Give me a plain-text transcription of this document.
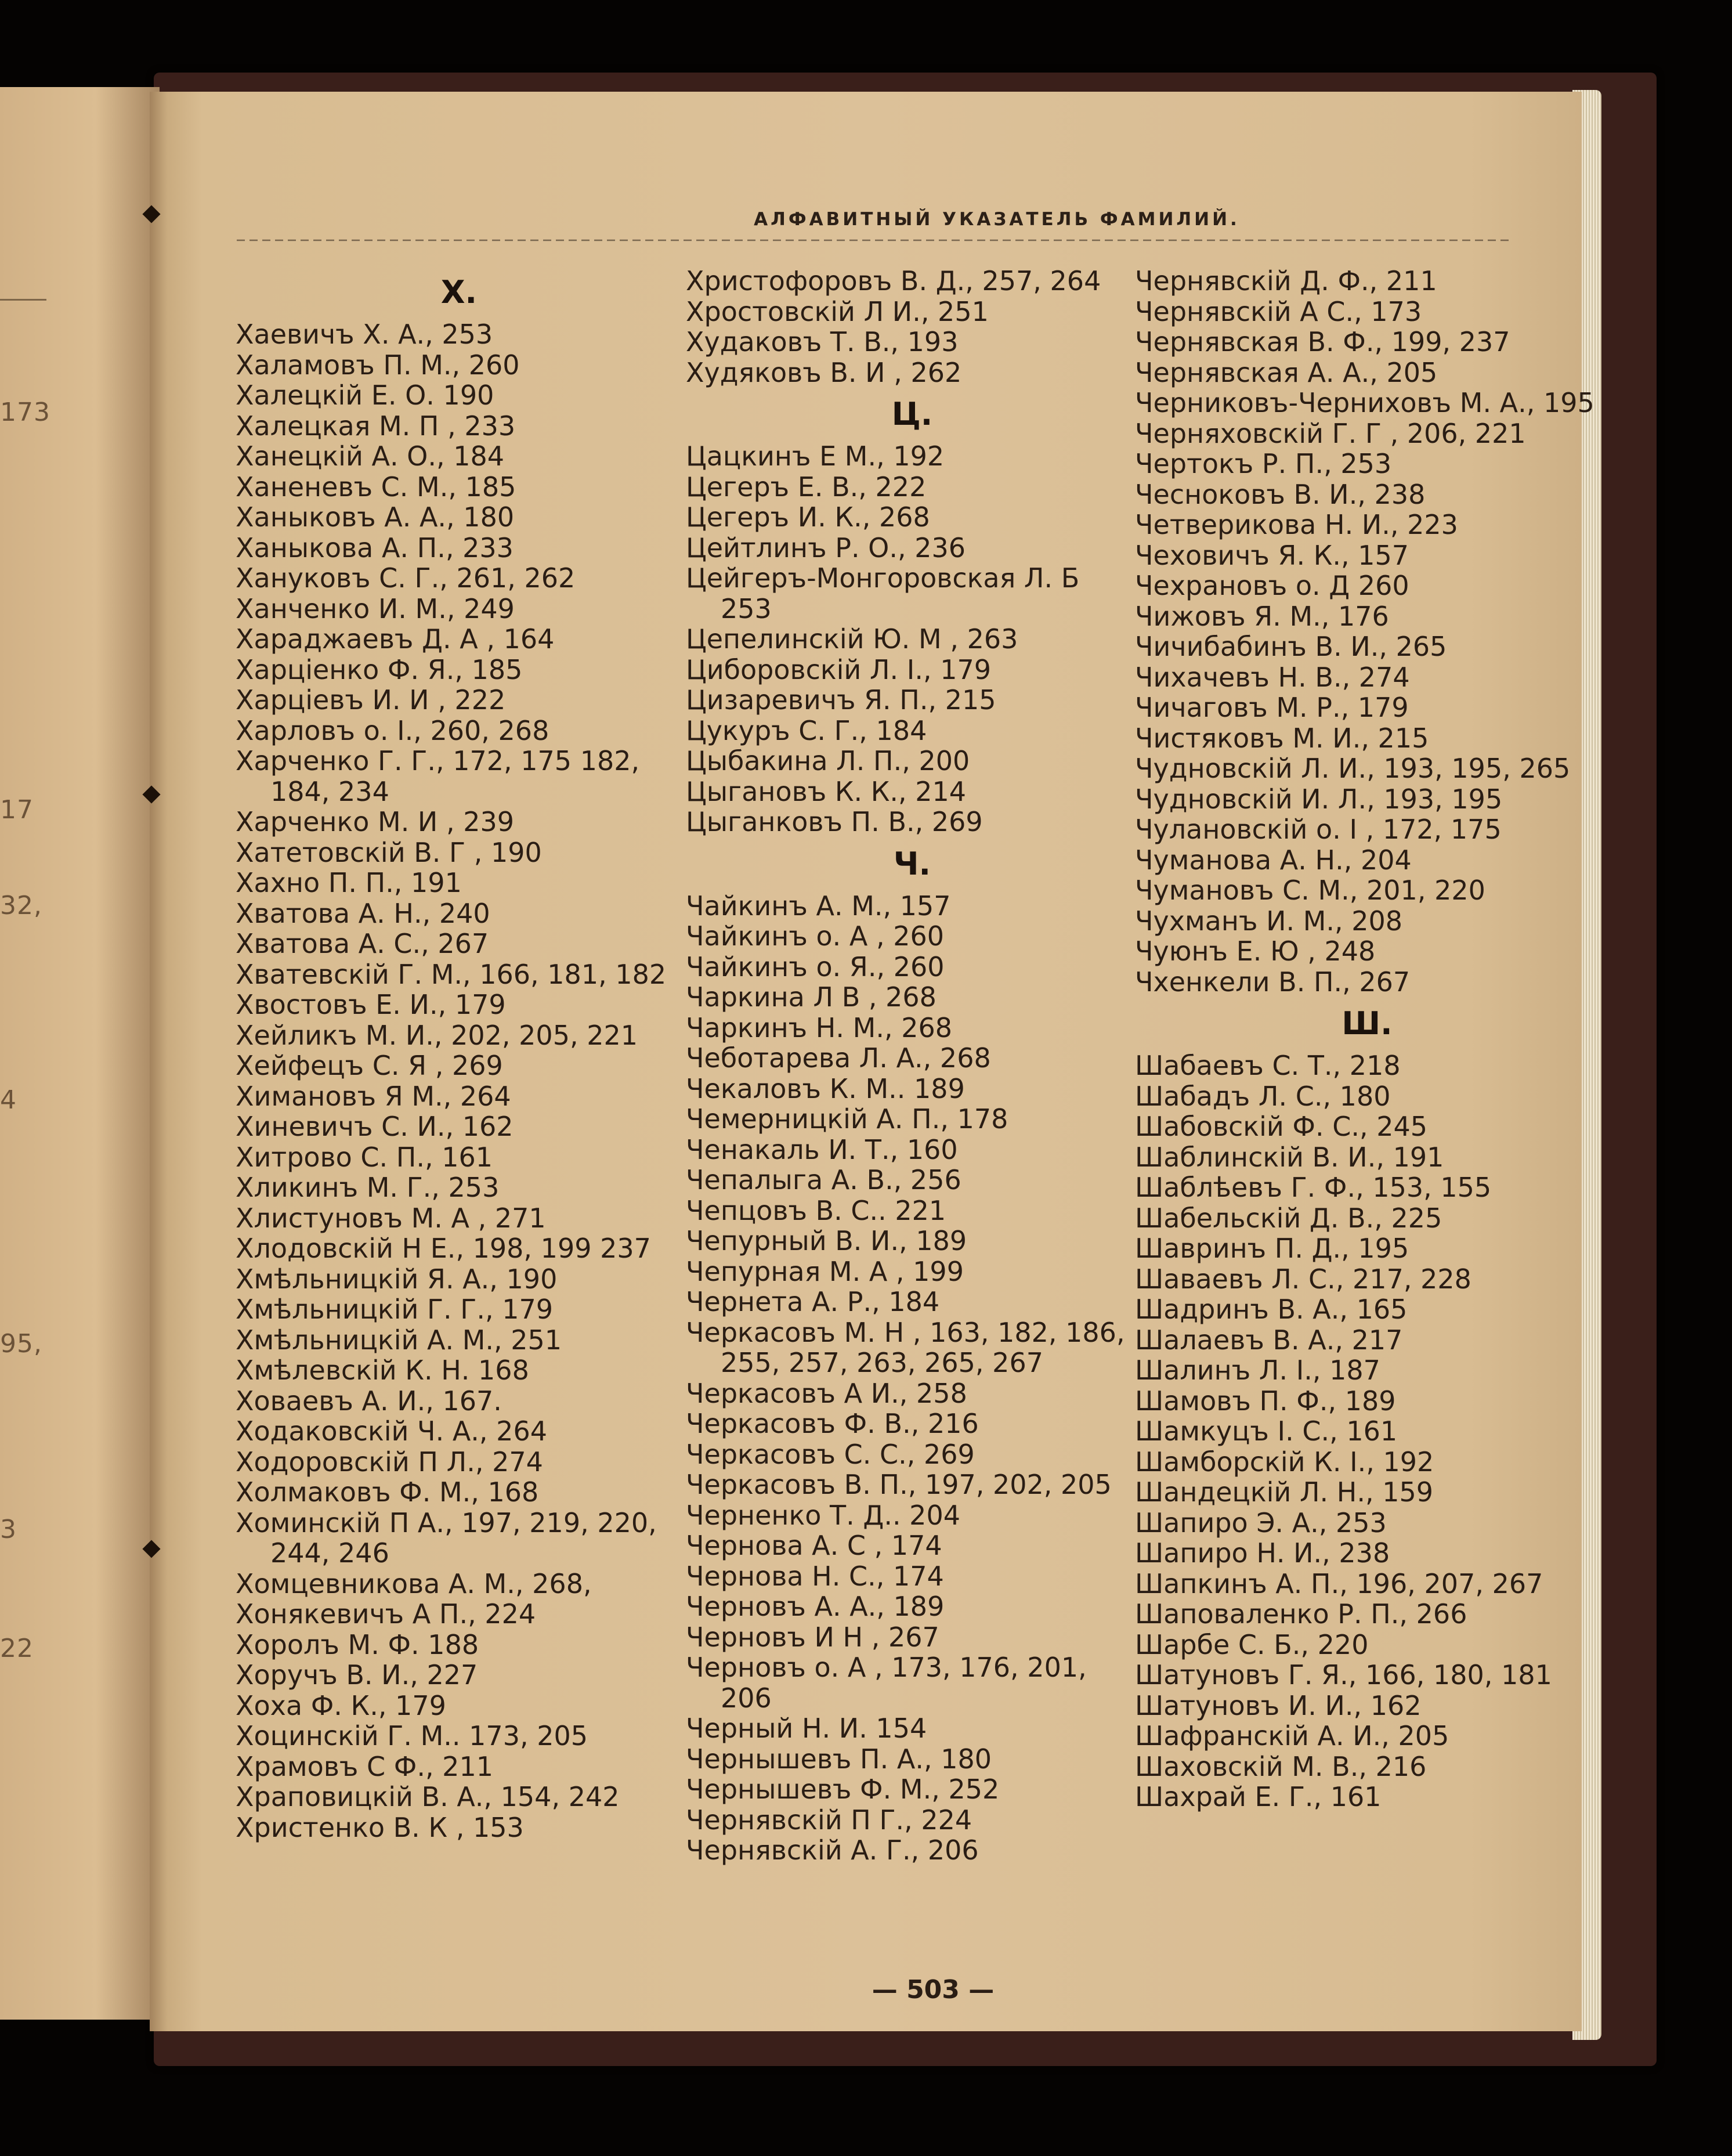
173
17
32,
4
95,
3
22
АЛФАВИТНЫЙ УКАЗАТЕЛЬ ФАМИЛИЙ.
Х.
Хаевичъ Х. А., 253
Халамовъ П. М., 260
Халецкій Е. О. 190
Халецкая М. П , 233
Ханецкій А. О., 184
Ханеневъ С. М., 185
Ханыковъ А. А., 180
Ханыкова А. П., 233
Хануковъ С. Г., 261, 262
Ханченко И. М., 249
Хараджаевъ Д. А , 164
Харціенко Ф. Я., 185
Харціевъ И. И , 222
Харловъ о. І., 260, 268
Харченко Г. Г., 172, 175 182, 184, 234
Харченко М. И , 239
Хатетовскій В. Г , 190
Хахно П. П., 191
Хватова А. Н., 240
Хватова А. С., 267
Хватевскій Г. М., 166, 181, 182
Хвостовъ Е. И., 179
Хейликъ М. И., 202, 205, 221
Хейфецъ С. Я , 269
Химановъ Я М., 264
Хиневичъ С. И., 162
Хитрово С. П., 161
Хликинъ М. Г., 253
Хлистуновъ М. А , 271
Хлодовскій Н Е., 198, 199 237
Хмѣльницкій Я. А., 190
Хмѣльницкій Г. Г., 179
Хмѣльницкій А. М., 251
Хмѣлевскій К. Н. 168
Ховаевъ А. И., 167.
Ходаковскій Ч. А., 264
Ходоровскій П Л., 274
Холмаковъ Ф. М., 168
Хоминскій П А., 197, 219, 220, 244, 246
Хомцевникова А. М., 268,
Хонякевичъ А П., 224
Хоролъ М. Ф. 188
Хоручъ В. И., 227
Хоха Ф. К., 179
Хоцинскій Г. М.. 173, 205
Храмовъ С Ф., 211
Храповицкій В. А., 154, 242
Христенко В. К , 153
Христофоровъ В. Д., 257, 264
Хростовскій Л И., 251
Худаковъ Т. В., 193
Худяковъ В. И , 262
Ц.
Цацкинъ Е М., 192
Цегеръ Е. В., 222
Цегеръ И. К., 268
Цейтлинъ Р. О., 236
Цейгеръ-Монгоровская Л. Б 253
Цепелинскій Ю. М , 263
Циборовскій Л. І., 179
Цизаревичъ Я. П., 215
Цукуръ С. Г., 184
Цыбакина Л. П., 200
Цыгановъ К. К., 214
Цыганковъ П. В., 269
Ч.
Чайкинъ А. М., 157
Чайкинъ о. А , 260
Чайкинъ о. Я., 260
Чаркина Л В , 268
Чаркинъ Н. М., 268
Чеботарева Л. А., 268
Чекаловъ К. М.. 189
Чемерницкій А. П., 178
Ченакаль И. Т., 160
Чепалыга А. В., 256
Чепцовъ В. С.. 221
Чепурный В. И., 189
Чепурная М. А , 199
Чернета А. Р., 184
Черкасовъ М. Н , 163, 182, 186, 255, 257, 263, 265, 267
Черкасовъ А И., 258
Черкасовъ Ф. В., 216
Черкасовъ С. С., 269
Черкасовъ В. П., 197, 202, 205
Черненко Т. Д.. 204
Чернова А. С , 174
Чернова Н. С., 174
Черновъ А. А., 189
Черновъ И Н , 267
Черновъ о. А , 173, 176, 201, 206
Черный Н. И. 154
Чернышевъ П. А., 180
Чернышевъ Ф. М., 252
Чернявскій П Г., 224
Чернявскій А. Г., 206
Чернявскій Д. Ф., 211
Чернявскій А С., 173
Чернявская В. Ф., 199, 237
Чернявская А. А., 205
Черниковъ-Черниховъ М. А., 195
Черняховскій Г. Г , 206, 221
Чертокъ Р. П., 253
Чесноковъ В. И., 238
Четверикова Н. И., 223
Чеховичъ Я. К., 157
Чехрановъ о. Д 260
Чижовъ Я. М., 176
Чичибабинъ В. И., 265
Чихачевъ Н. В., 274
Чичаговъ М. Р., 179
Чистяковъ М. И., 215
Чудновскій Л. И., 193, 195, 265
Чудновскій И. Л., 193, 195
Чулановскій о. I , 172, 175
Чуманова А. Н., 204
Чумановъ С. М., 201, 220
Чухманъ И. М., 208
Чуюнъ Е. Ю , 248
Чхенкели В. П., 267
Ш.
Шабаевъ С. Т., 218
Шабадъ Л. С., 180
Шабовскій Ф. С., 245
Шаблинскій В. И., 191
Шаблѣевъ Г. Ф., 153, 155
Шабельскій Д. В., 225
Шавринъ П. Д., 195
Шаваевъ Л. С., 217, 228
Шадринъ В. А., 165
Шалаевъ В. А., 217
Шалинъ Л. І., 187
Шамовъ П. Ф., 189
Шамкуцъ І. С., 161
Шамборскій К. І., 192
Шандецкій Л. Н., 159
Шапиро Э. А., 253
Шапиро Н. И., 238
Шапкинъ А. П., 196, 207, 267
Шаповаленко Р. П., 266
Шарбе С. Б., 220
Шатуновъ Г. Я., 166, 180, 181
Шатуновъ И. И., 162
Шафранскій А. И., 205
Шаховскій М. В., 216
Шахрай Е. Г., 161
— 503 —
